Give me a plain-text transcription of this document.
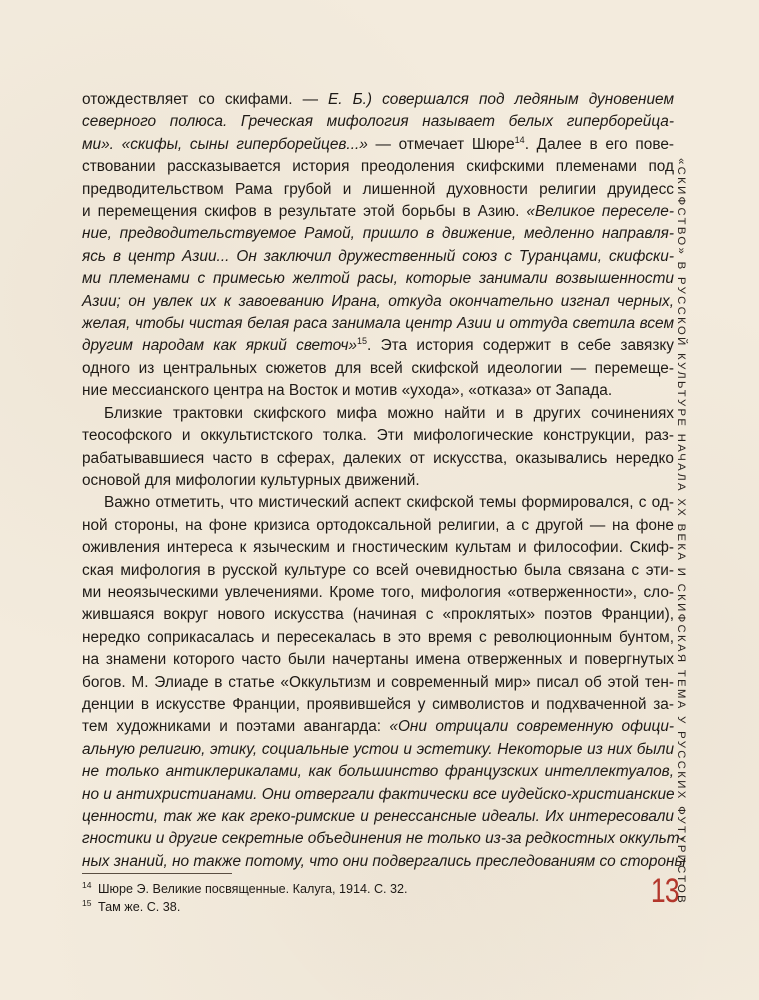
отождествляет со скифами. — Е. Б.) совершался под ледяным дуновением
северного полюса. Греческая мифология называет белых гиперборейца-
ми». «скифы, сыны гиперборейцев...» — отмечает Шюре$^{14}$. Далее в его пове-
ствовании рассказывается история преодоления скифскими племенами под
предводительством Рама грубой и лишенной духовности религии друидесс
и перемещения скифов в результате этой борьбы в Азию. «Великое переселе-
ние, предводительствуемое Рамой, пришло в движение, медленно направля-
ясь в центр Азии... Он заключил дружественный союз с Туранцами, скифски-
ми племенами с примесью желтой расы, которые занимали возвышенности
Азии; он увлек их к завоеванию Ирана, откуда окончательно изгнал черных,
желая, чтобы чистая белая раса занимала центр Азии и оттуда светила всем
другим народам как яркий светоч»$^{15}$. Эта история содержит в себе завязку
одного из центральных сюжетов для всей скифской идеологии — перемеще-
ние мессианского центра на Восток и мотив «ухода», «отказа» от Запада.

Близкие трактовки скифского мифа можно найти и в других сочинениях
теософского и оккультистского толка. Эти мифологические конструкции, раз-
рабатывавшиеся часто в сферах, далеких от искусства, оказывались нередко
основой для мифологии культурных движений.

Важно отметить, что мистический аспект скифской темы формировался, с од-
ной стороны, на фоне кризиса ортодоксальной религии, а с другой — на фоне
оживления интереса к языческим и гностическим культам и философии. Скиф-
ская мифология в русской культуре со всей очевидностью была связана с эти-
ми неоязыческими увлечениями. Кроме того, мифология «отверженности», сло-
жившаяся вокруг нового искусства (начиная с «проклятых» поэтов Франции),
нередко соприкасалась и пересекалась в это время с революционным бунтом,
на знамени которого часто были начертаны имена отверженных и повергнутых
богов. М. Элиаде в статье «Оккультизм и современный мир» писал об этой тен-
денции в искусстве Франции, проявившейся у символистов и подхваченной за-
тем художниками и поэтами авангарда: «Они отрицали современную офици-
альную религию, этику, социальные устои и эстетику. Некоторые из них были
не только антиклерикалами, как большинство французских интеллектуалов,
но и антихристианами. Они отвергали фактически все иудейско-христианские
ценности, так же как греко-римские и ренессансные идеалы. Их интересовали
гностики и другие секретные объединения не только из-за редкостных оккульт-
ных знаний, но также потому, что они подвергались преследованиям со стороны

14 Шюре Э. Великие посвященные. Калуга, 1914. С. 32.
15 Там же. С. 38.	13
«СКИФСТВО» В РУССКОЙ КУЛЬТУРЕ НАЧАЛА XX ВЕКА И СКИФСКАЯ ТЕМА У РУССКИХ ФУТУРИСТОВ
